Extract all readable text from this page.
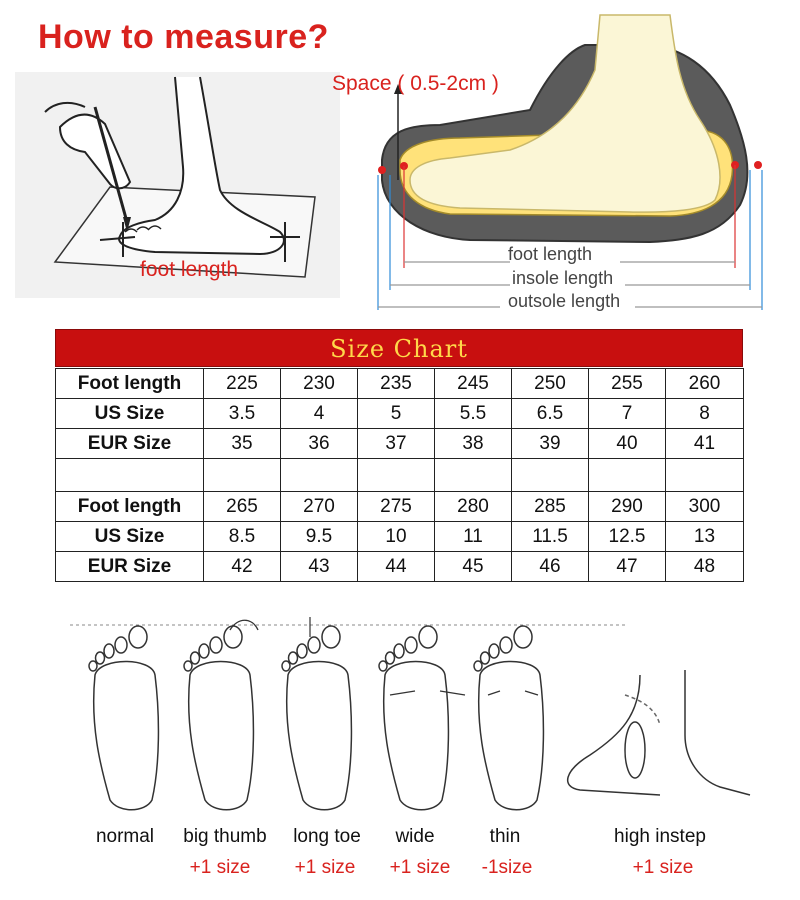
How to measure?
foot length
Space ( 0.5-2cm )
foot length
insole length
outsole length
Size Chart
Foot length	225	230	235	245	250	255	260
US Size	3.5	4	5	5.5	6.5	7	8
EUR Size	35	36	37	38	39	40	41

Foot length	265	270	275	280	285	290	300
US Size	8.5	9.5	10	11	11.5	12.5	13
EUR Size	42	43	44	45	46	47	48
normal	big thumb	long toe	wide	thin	high instep
+1 size	+1 size	+1 size	-1size	+1 size
